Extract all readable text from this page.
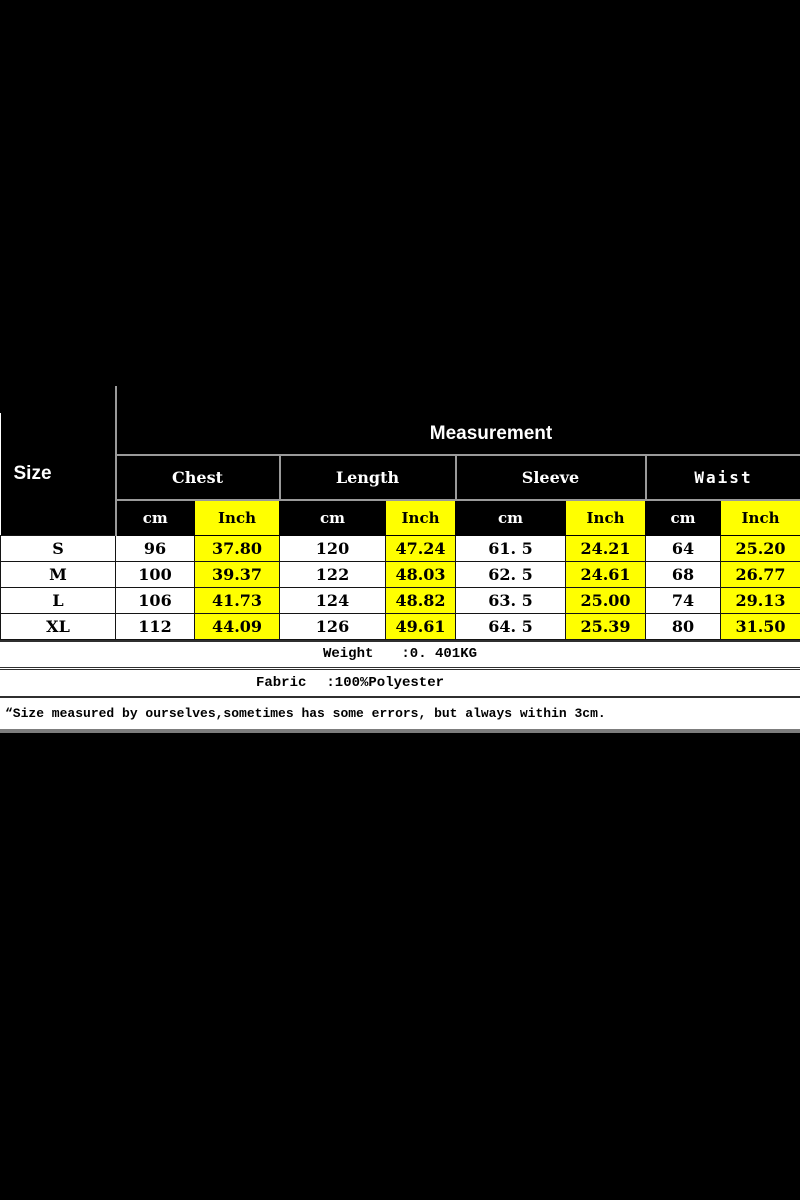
Size	Measurement							
	Chest		Length		Sleeve		Waist	
	cm	Inch	cm	Inch	cm	Inch	cm	Inch
S	96	37.80	120	47.24	61. 5	24.21	64	25.20
M	100	39.37	122	48.03	62. 5	24.61	68	26.77
L	106	41.73	124	48.82	63. 5	25.00	74	29.13
XL	112	44.09	126	49.61	64. 5	25.39	80	31.50
Weight :0. 401KG
Fabric :100%Polyester
“Size measured by ourselves,sometimes has some errors, but always within 3cm.
